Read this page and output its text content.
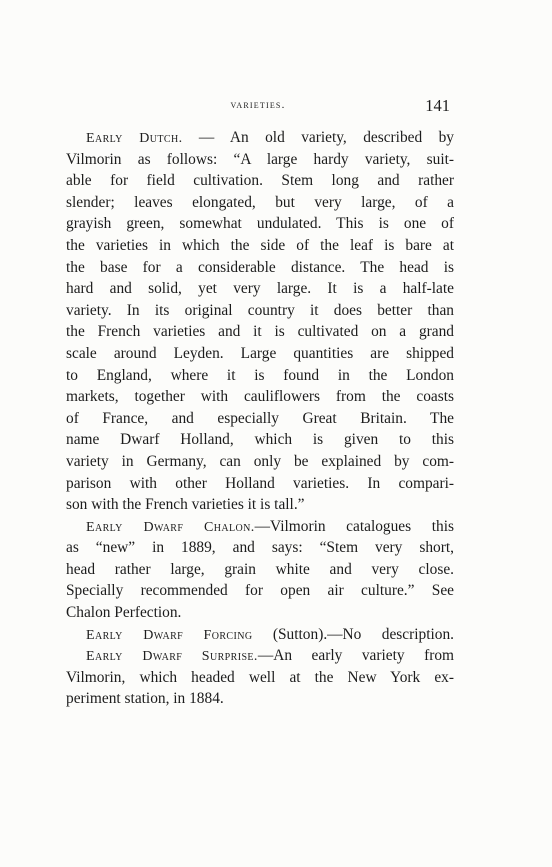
varieties.	141
Early Dutch. — An old variety, described by
Vilmorin as follows: “A large hardy variety, suit-
able for field cultivation. Stem long and rather
slender; leaves elongated, but very large, of a
grayish green, somewhat undulated. This is one of
the varieties in which the side of the leaf is bare at
the base for a considerable distance. The head is
hard and solid, yet very large. It is a half-late
variety. In its original country it does better than
the French varieties and it is cultivated on a grand
scale around Leyden. Large quantities are shipped
to England, where it is found in the London
markets, together with cauliflowers from the coasts
of France, and especially Great Britain. The
name Dwarf Holland, which is given to this
variety in Germany, can only be explained by com-
parison with other Holland varieties. In compari-
son with the French varieties it is tall.”
Early Dwarf Chalon.—Vilmorin catalogues this
as “new” in 1889, and says: “Stem very short,
head rather large, grain white and very close.
Specially recommended for open air culture.” See
Chalon Perfection.
Early Dwarf Forcing (Sutton).—No description.
Early Dwarf Surprise.—An early variety from
Vilmorin, which headed well at the New York ex-
periment station, in 1884.
